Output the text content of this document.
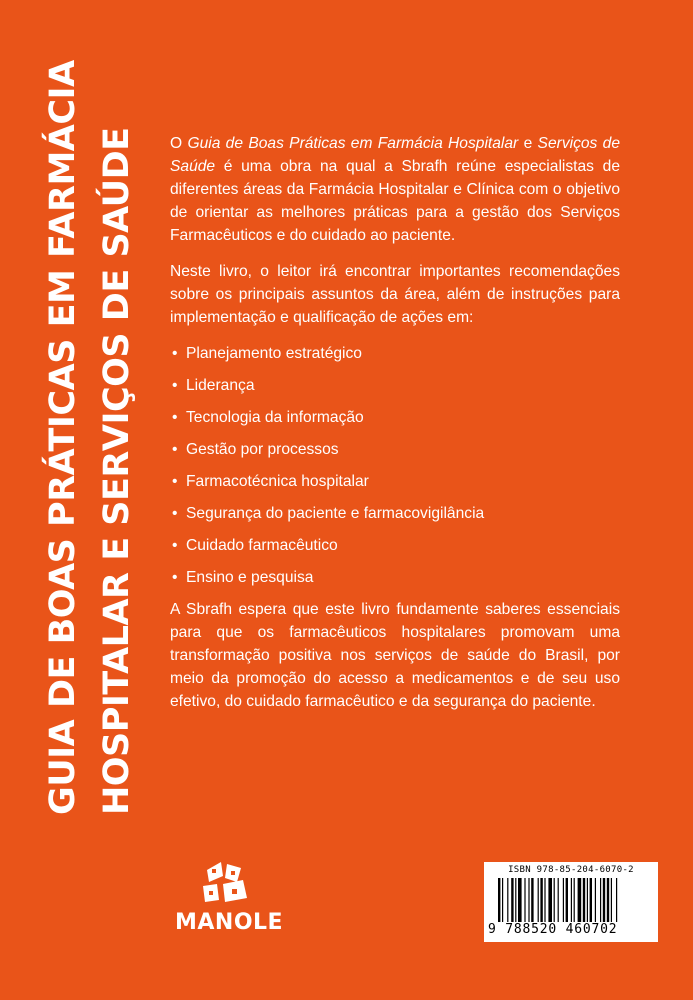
GUIA DE BOAS PRÁTICAS EM FARMÁCIA HOSPITALAR E SERVIÇOS DE SAÚDE	O Guia de Boas Práticas em Farmácia Hospitalar e Serviços de Saúde é uma obra na qual a Sbrafh reúne especialistas de diferentes áreas da Farmácia Hospitalar e Clínica com o objetivo de orientar as melhores práticas para a gestão dos Serviços Farmacêuticos e do cuidado ao paciente.

Neste livro, o leitor irá encontrar importantes recomendações sobre os principais assuntos da área, além de instruções para implementação e qualificação de ações em:

• Planejamento estratégico
• Liderança
• Tecnologia da informação
• Gestão por processos
• Farmacotécnica hospitalar
• Segurança do paciente e farmacovigilância
• Cuidado farmacêutico
• Ensino e pesquisa

A Sbrafh espera que este livro fundamente saberes essenciais para que os farmacêuticos hospitalares promovam uma transformação positiva nos serviços de saúde do Brasil, por meio da promoção do acesso a medicamentos e de seu uso efetivo, do cuidado farmacêutico e da segurança do paciente.

MANOLE
ISBN 978-85-204-6070-2
9 788520 460702
